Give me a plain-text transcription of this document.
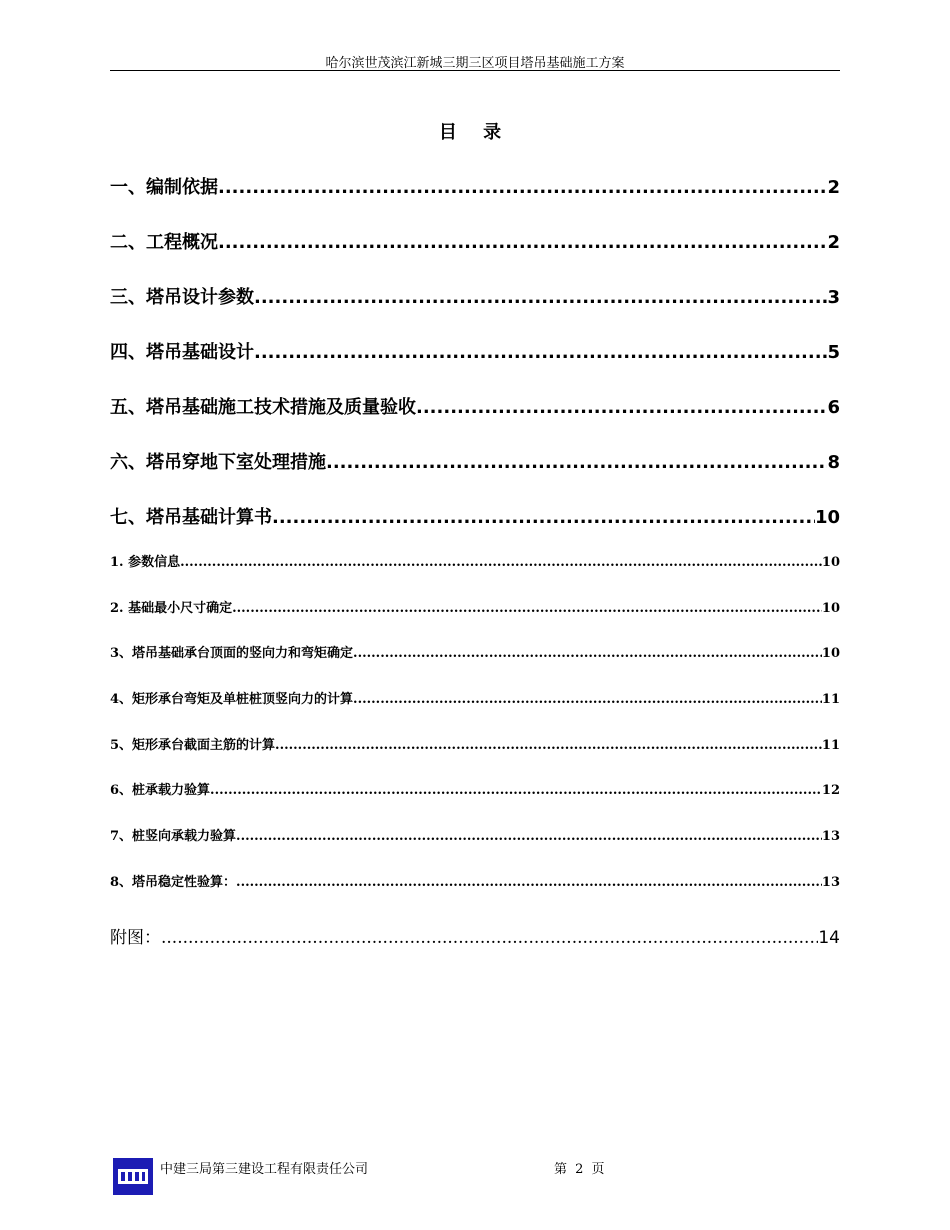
哈尔滨世茂滨江新城三期三区项目塔吊基础施工方案
目 录
一、编制依据 .....	2
二、工程概况 .....	2
三、塔吊设计参数 .....	3
四、塔吊基础设计 .....	5
五、塔吊基础施工技术措施及质量验收 .....	6
六、塔吊穿地下室处理措施 .....	8
七、塔吊基础计算书 .....	10
1. 参数信息 .....	10
2. 基础最小尺寸确定 .....	10
3、塔吊基础承台顶面的竖向力和弯矩确定 .....	10
4、矩形承台弯矩及单桩桩顶竖向力的计算 .....	11
5、矩形承台截面主筋的计算 .....	11
6、桩承载力验算 .....	12
7、桩竖向承载力验算 .....	13
8、塔吊稳定性验算： .....	13
附图： .....	14
中建三局第三建设工程有限责任公司	第 2 页
